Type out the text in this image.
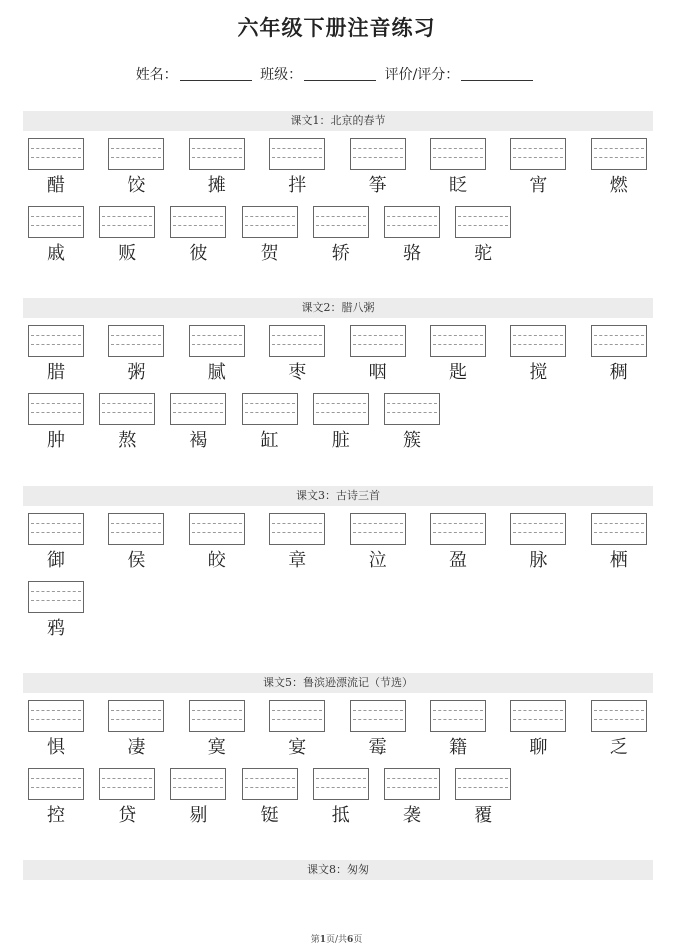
六年级下册注音练习
姓名：	班级：	评价/评分：
课文1：北京的春节
醋	饺	摊	拌	筝	眨	宵	燃
戚	贩	彼	贺	轿	骆	驼
课文2：腊八粥
腊	粥	腻	枣	咽	匙	搅	稠
肿	熬	褐	缸	脏	簇
课文3：古诗三首
御	侯	皎	章	泣	盈	脉	栖
鸦
课文5：鲁滨逊漂流记（节选）
惧	凄	寞	宴	霉	籍	聊	乏
控	贷	剔	铤	抵	袭	覆
课文8：匆匆
第1页/共6页
